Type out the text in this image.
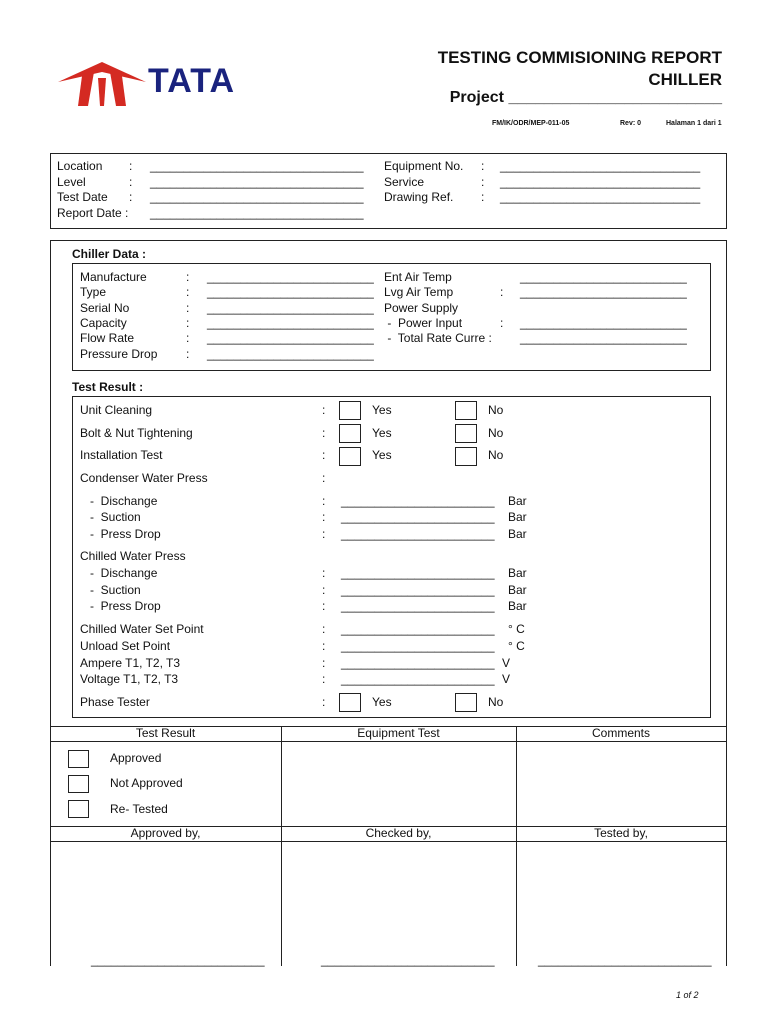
TATA
TESTING COMMISIONING REPORT
CHILLER
Project ________________________
FM/IK/ODR/MEP-011-05	Rev: 0	Halaman 1 dari 1
Location : ________________________________
Level	: ________________________________
Test Date : ________________________________
Report Date : ________________________________
Equipment No. : ______________________________
Service	: ______________________________
Drawing Ref. : ______________________________
Chiller Data :
Manufacture	: _________________________
Type	: _________________________
Serial No	: _________________________
Capacity	: _________________________
Flow Rate	: _________________________
Pressure Drop : _________________________
Ent Air Temp	_________________________
Lvg Air Temp	: _________________________
Power Supply
-  Power Input	: _________________________
-  Total Rate Curre : _________________________
Test Result :
Unit Cleaning	:	Yes	No
Bolt & Nut Tightening	:	Yes	No
Installation Test	:	Yes	No
Condenser Water Press	:
-  Dischange	: _______________________ Bar
-  Suction	: _______________________ Bar
-  Press Drop	: _______________________ Bar
Chilled Water Press
-  Dischange	: _______________________ Bar
-  Suction	: _______________________ Bar
-  Press Drop	: _______________________ Bar
Chilled Water Set Point	: _______________________ ° C
Unload Set Point	: _______________________ ° C
Ampere T1, T2, T3	: _______________________ V
Voltage T1, T2, T3	: _______________________ V
Phase Tester	:	Yes	No
Test Result	Equipment Test	Comments
Approved
Not Approved
Re- Tested
Approved by,	Checked by,	Tested by,
__________________________	__________________________	__________________________
1 of 2
